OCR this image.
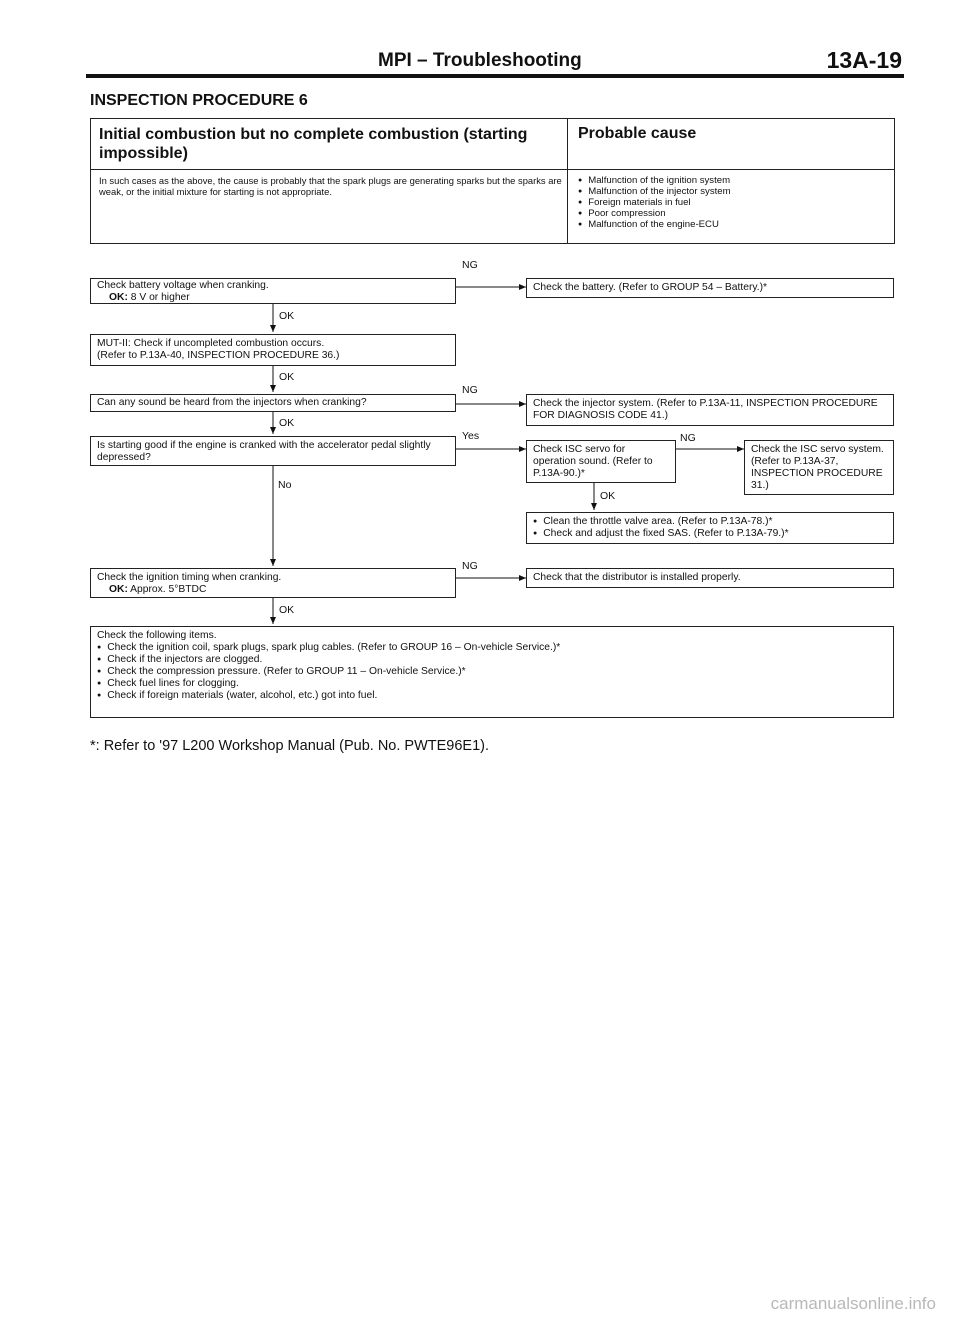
MPI – Troubleshooting	13A-19
INSPECTION PROCEDURE 6
Initial combustion but no complete combustion (starting impossible)
Probable cause
In such cases as the above, the cause is probably that the spark plugs are generating sparks but the sparks are weak, or the initial mixture for starting is not appropriate.
● Malfunction of the ignition system
● Malfunction of the injector system
● Foreign materials in fuel
● Poor compression
● Malfunction of the engine-ECU
NG
OK
OK
NG
OK
Yes	NG
No
OK
NG
OK
Check battery voltage when cranking.
OK: 8 V or higher
Check the battery. (Refer to GROUP 54 – Battery.)*
MUT-II: Check if uncompleted combustion occurs.
(Refer to P.13A-40, INSPECTION PROCEDURE 36.)
Can any sound be heard from the injectors when cranking?	Check the injector system. (Refer to P.13A-11, INSPECTION PROCEDURE FOR DIAGNOSIS CODE 41.)
Is starting good if the engine is cranked with the accelerator pedal slightly depressed?
Check ISC servo for operation sound. (Refer to P.13A-90.)*
Check the ISC servo system. (Refer to P.13A-37, INSPECTION PROCEDURE 31.)
● Clean the throttle valve area. (Refer to P.13A-78.)*
● Check and adjust the fixed SAS. (Refer to P.13A-79.)*
Check the ignition timing when cranking.
OK: Approx. 5°BTDC
Check that the distributor is installed properly.
Check the following items.
● Check the ignition coil, spark plugs, spark plug cables. (Refer to GROUP 16 – On-vehicle Service.)*
● Check if the injectors are clogged.
● Check the compression pressure. (Refer to GROUP 11 – On-vehicle Service.)*
● Check fuel lines for clogging.
● Check if foreign materials (water, alcohol, etc.) got into fuel.
*: Refer to '97 L200 Workshop Manual (Pub. No. PWTE96E1).
carmanualsonline.info
